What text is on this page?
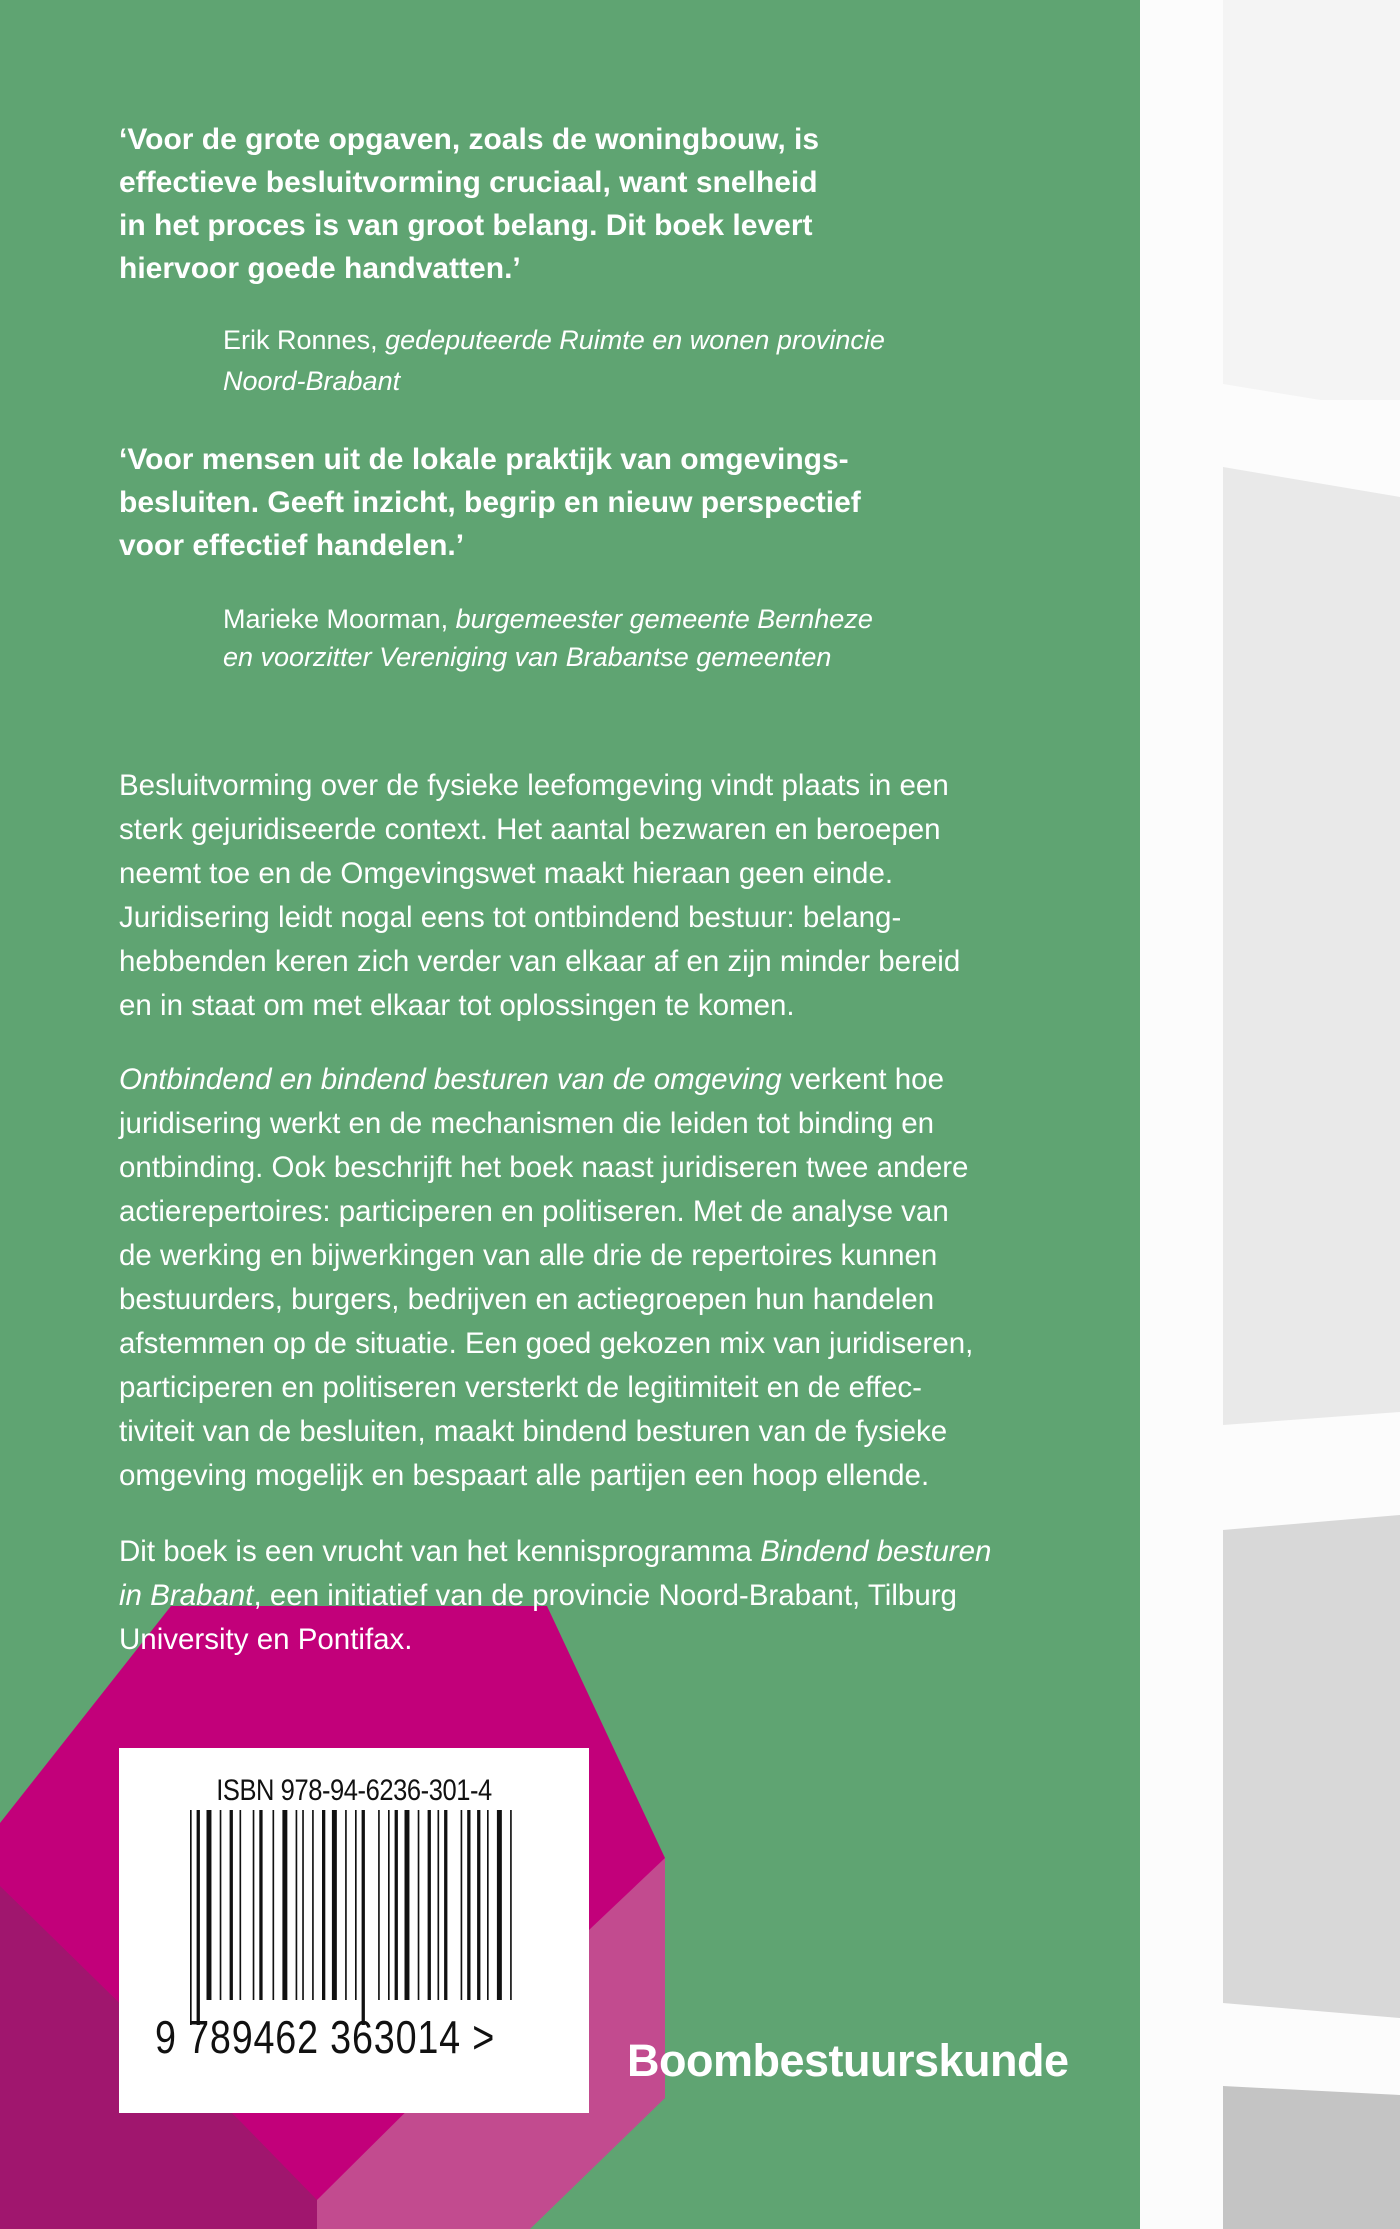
‘Voor de grote opgaven, zoals de woningbouw, is
effectieve besluitvorming cruciaal, want snelheid
in het proces is van groot belang. Dit boek levert
hiervoor goede handvatten.’
Erik Ronnes, gedeputeerde Ruimte en wonen provincie
Noord-Brabant
‘Voor mensen uit de lokale praktijk van omgevings-
besluiten. Geeft inzicht, begrip en nieuw perspectief
voor effectief handelen.’
Marieke Moorman, burgemeester gemeente Bernheze
en voorzitter Vereniging van Brabantse gemeenten
Besluitvorming over de fysieke leefomgeving vindt plaats in een
sterk gejuridiseerde context. Het aantal bezwaren en beroepen
neemt toe en de Omgevingswet maakt hieraan geen einde.
Juridisering leidt nogal eens tot ontbindend bestuur: belang-
hebbenden keren zich verder van elkaar af en zijn minder bereid
en in staat om met elkaar tot oplossingen te komen.
Ontbindend en bindend besturen van de omgeving verkent hoe
juridisering werkt en de mechanismen die leiden tot binding en
ontbinding. Ook beschrijft het boek naast juridiseren twee andere
actierepertoires: participeren en politiseren. Met de analyse van
de werking en bijwerkingen van alle drie de repertoires kunnen
bestuurders, burgers, bedrijven en actiegroepen hun handelen
afstemmen op de situatie. Een goed gekozen mix van juridiseren,
participeren en politiseren versterkt de legitimiteit en de effec-
tiviteit van de besluiten, maakt bindend besturen van de fysieke
omgeving mogelijk en bespaart alle partijen een hoop ellende.
Dit boek is een vrucht van het kennisprogramma Bindend besturen
in Brabant, een initiatief van de provincie Noord-Brabant, Tilburg
University en Pontifax.
ISBN 978-94-6236-301-4
9 789462 363014 >	Boombestuurskunde
